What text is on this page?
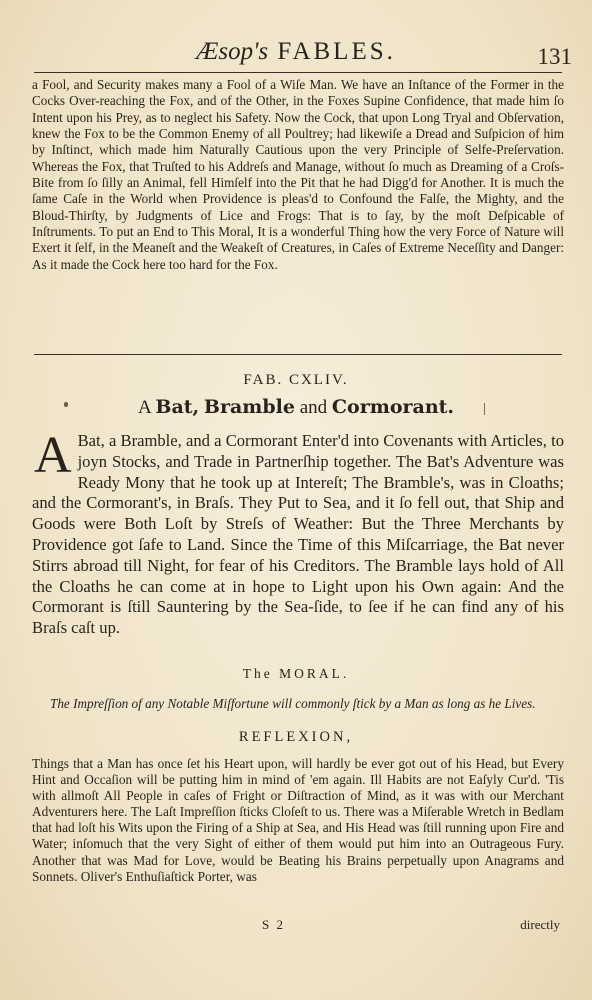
Æsop's FABLES.	131

a Fool, and Security makes many a Fool of a Wiſe Man. We have an Inſtance of the Former in the Cocks Over-reaching the Fox, and of the Other, in the Foxes Supine Confidence, that made him ſo Intent upon his Prey, as to neglect his Safety. Now the Cock, that upon Long Tryal and Obſervation, knew the Fox to be the Common Enemy of all Poultrey; had likewiſe a Dread and Suſpicion of him by Inſtinct, which made him Naturally Cautious upon the very Principle of Selfe-Preſervation. Whereas the Fox, that Truſted to his Addreſs and Manage, without ſo much as Dreaming of a Croſs-Bite from ſo ſilly an Animal, fell Himſelf into the Pit that he had Digg'd for Another. It is much the ſame Caſe in the World when Providence is pleas'd to Confound the Falſe, the Mighty, and the Bloud-Thirſty, by Judgments of Lice and Frogs: That is to ſay, by the moſt Deſpicable of Inſtruments. To put an End to This Moral, It is a wonderful Thing how the very Force of Nature will Exert it ſelf, in the Meaneſt and the Weakeſt of Creatures, in Caſes of Extreme Neceſſity and Danger: As it made the Cock here too hard for the Fox.

FAB. CXLIV.
A Bat, Bramble and Cormorant.
A Bat, a Bramble, and a Cormorant Enter'd into Covenants with Articles, to joyn Stocks, and Trade in Partnerſhip together. The Bat's Adventure was Ready Mony that he took up at Intereſt; The Bramble's, was in Cloaths; and the Cormorant's, in Braſs. They Put to Sea, and it ſo fell out, that Ship and Goods were Both Loſt by Streſs of Weather: But the Three Merchants by Providence got ſafe to Land. Since the Time of this Miſcarriage, the Bat never Stirrs abroad till Night, for fear of his Creditors. The Bramble lays hold of All the Cloaths he can come at in hope to Light upon his Own again: And the Cormorant is ſtill Sauntering by the Sea-ſide, to ſee if he can find any of his Braſs caſt up.
The MORAL.
The Impreſſion of any Notable Miſfortune will commonly ſtick by a Man as long as he Lives.
REFLEXION,
Things that a Man has once ſet his Heart upon, will hardly be ever got out of his Head, but Every Hint and Occaſion will be putting him in mind of 'em again. Ill Habits are not Eaſyly Cur'd. 'Tis with allmoſt All People in caſes of Fright or Diſtraction of Mind, as it was with our Merchant Adventurers here. The Laſt Impreſſion ſticks Cloſeſt to us. There was a Miſerable Wretch in Bedlam that had loſt his Wits upon the Firing of a Ship at Sea, and His Head was ſtill running upon Fire and Water; inſomuch that the very Sight of either of them would put him into an Outrageous Fury. Another that was Mad for Love, would be Beating his Brains perpetually upon Anagrams and Sonnets. Oliver's Enthuſiaſtick Porter, was
S 2	directly
